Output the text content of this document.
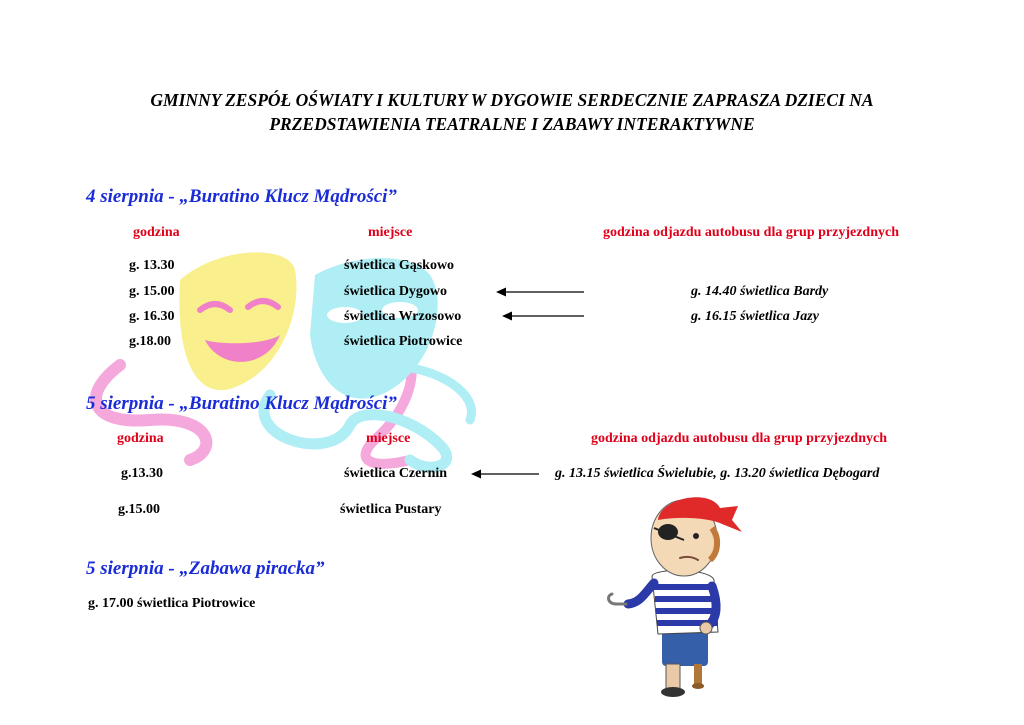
GMINNY ZESPÓŁ OŚWIATY I KULTURY W DYGOWIE SERDECZNIE ZAPRASZA DZIECI NA
PRZEDSTAWIENIA TEATRALNE I ZABAWY INTERAKTYWNE
4 sierpnia - „Buratino Klucz Mądrości”
godzina	miejsce	godzina odjazdu autobusu dla grup przyjezdnych
g. 13.30	świetlica Gąskowo
g. 15.00	świetlica Dygowo	g. 14.40 świetlica Bardy
g. 16.30	świetlica Wrzosowo	g. 16.15 świetlica Jazy
g.18.00	świetlica Piotrowice
5 sierpnia - „Buratino Klucz Mądrości”
godzina	miejsce	godzina odjazdu autobusu dla grup przyjezdnych
g.13.30	świetlica Czernin	g. 13.15 świetlica Świelubie, g. 13.20 świetlica Dębogard
g.15.00	świetlica Pustary
5 sierpnia - „Zabawa piracka”
g. 17.00 świetlica Piotrowice
